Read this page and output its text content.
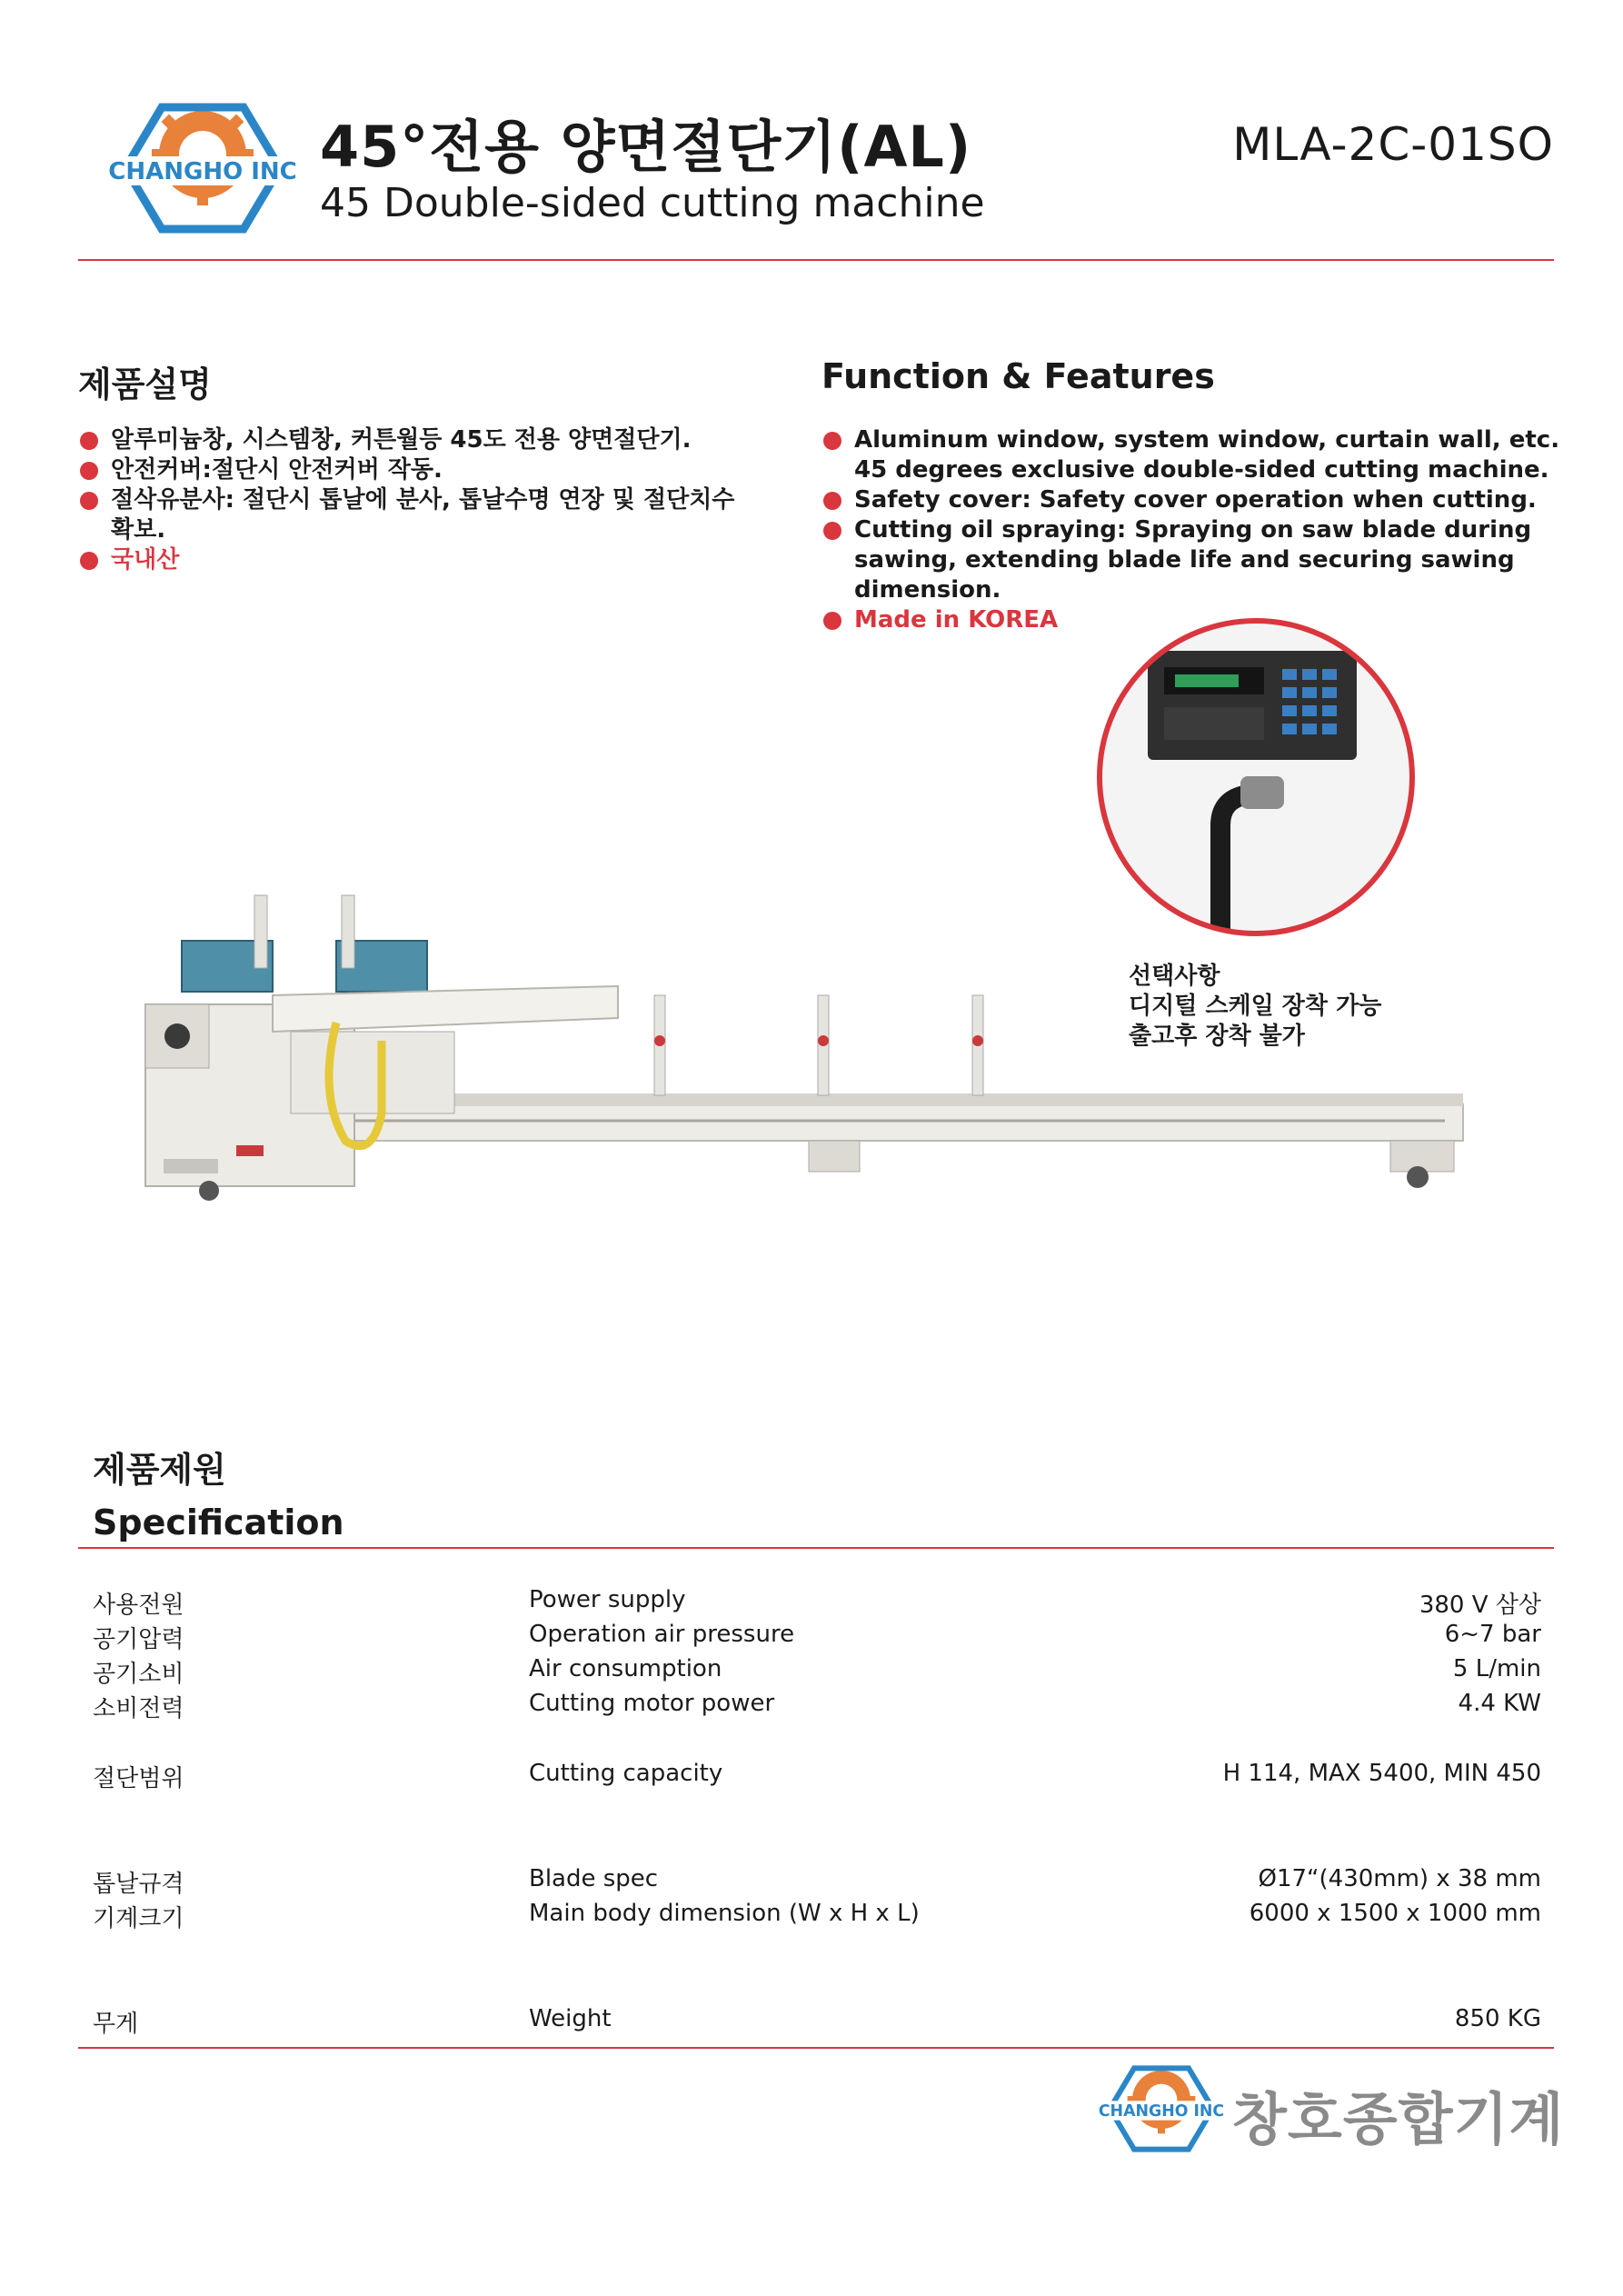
CHANGHO INC 45°전용 양면절단기(AL)
45 Double-sided cutting machine
MLA-2C-01SO
제품설명
알루미늄창, 시스템창, 커튼월등 45도 전용 양면절단기.
안전커버:절단시 안전커버 작동.
절삭유분사: 절단시 톱날에 분사, 톱날수명 연장 및 절단치수 확보.
국내산
Function & Features
Aluminum window, system window, curtain wall, etc. 45 degrees exclusive double-sided cutting machine.
Safety cover: Safety cover operation when cutting.
Cutting oil spraying: Spraying on saw blade during sawing, extending blade life and securing sawing dimension.
Made in KOREA
선택사항
디지털 스케일 장착 가능
출고후 장착 불가
제품제원
Specification
사용전원	Power supply	380 V 삼상
공기압력	Operation air pressure	6~7 bar
공기소비	Air consumption	5 L/min
소비전력	Cutting motor power	4.4 KW
절단범위	Cutting capacity	H 114, MAX 5400, MIN 450
톱날규격	Blade spec	Ø17“(430mm) x 38 mm
기계크기	Main body dimension (W x H x L)	6000 x 1500 x 1000 mm
무게	Weight	850 KG
CHANGHO INC 창호종합기계
